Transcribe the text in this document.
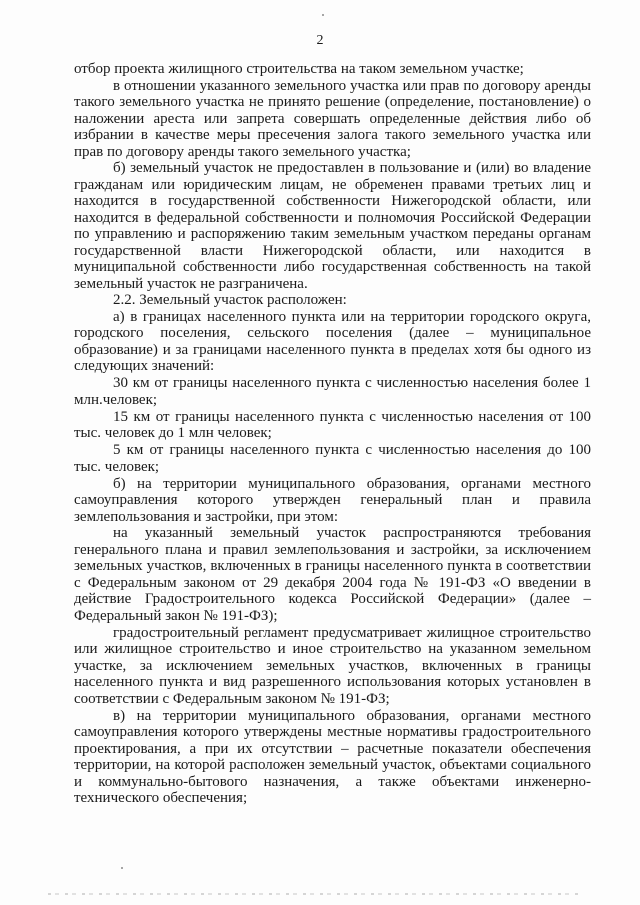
2

отбор проекта жилищного строительства на таком земельном участке;

в отношении указанного земельного участка или прав по договору аренды такого земельного участка не принято решение (определение, постановление) о наложении ареста или запрета совершать определенные действия либо об избрании в качестве меры пресечения залога такого земельного участка или прав по договору аренды такого земельного участка;

б) земельный участок не предоставлен в пользование и (или) во владение гражданам или юридическим лицам, не обременен правами третьих лиц и находится в государственной собственности Нижегородской области, или находится в федеральной собственности и полномочия Российской Федерации по управлению и распоряжению таким земельным участком переданы органам государственной власти Нижегородской области, или находится в муниципальной собственности либо государственная собственность на такой земельный участок не разграничена.

2.2. Земельный участок расположен:

а) в границах населенного пункта или на территории городского округа, городского поселения, сельского поселения (далее – муниципальное образование) и за границами населенного пункта в пределах хотя бы одного из следующих значений:

30 км от границы населенного пункта с численностью населения более 1 млн.человек;

15 км от границы населенного пункта с численностью населения от 100 тыс. человек до 1 млн человек;

5 км от границы населенного пункта с численностью населения до 100 тыс. человек;

б) на территории муниципального образования, органами местного самоуправления которого утвержден генеральный план и правила землепользования и застройки, при этом:

на указанный земельный участок распространяются требования генерального плана и правил землепользования и застройки, за исключением земельных участков, включенных в границы населенного пункта в соответствии с Федеральным законом от 29 декабря 2004 года № 191-ФЗ «О введении в действие Градостроительного кодекса Российской Федерации» (далее – Федеральный закон № 191-ФЗ);

градостроительный регламент предусматривает жилищное строительство или жилищное строительство и иное строительство на указанном земельном участке, за исключением земельных участков, включенных в границы населенного пункта и вид разрешенного использования которых установлен в соответствии с Федеральным законом № 191-ФЗ;

в) на территории муниципального образования, органами местного самоуправления которого утверждены местные нормативы градостроительного проектирования, а при их отсутствии – расчетные показатели обеспечения территории, на которой расположен земельный участок, объектами социального и коммунально-бытового назначения, а также объектами инженерно-технического обеспечения;
